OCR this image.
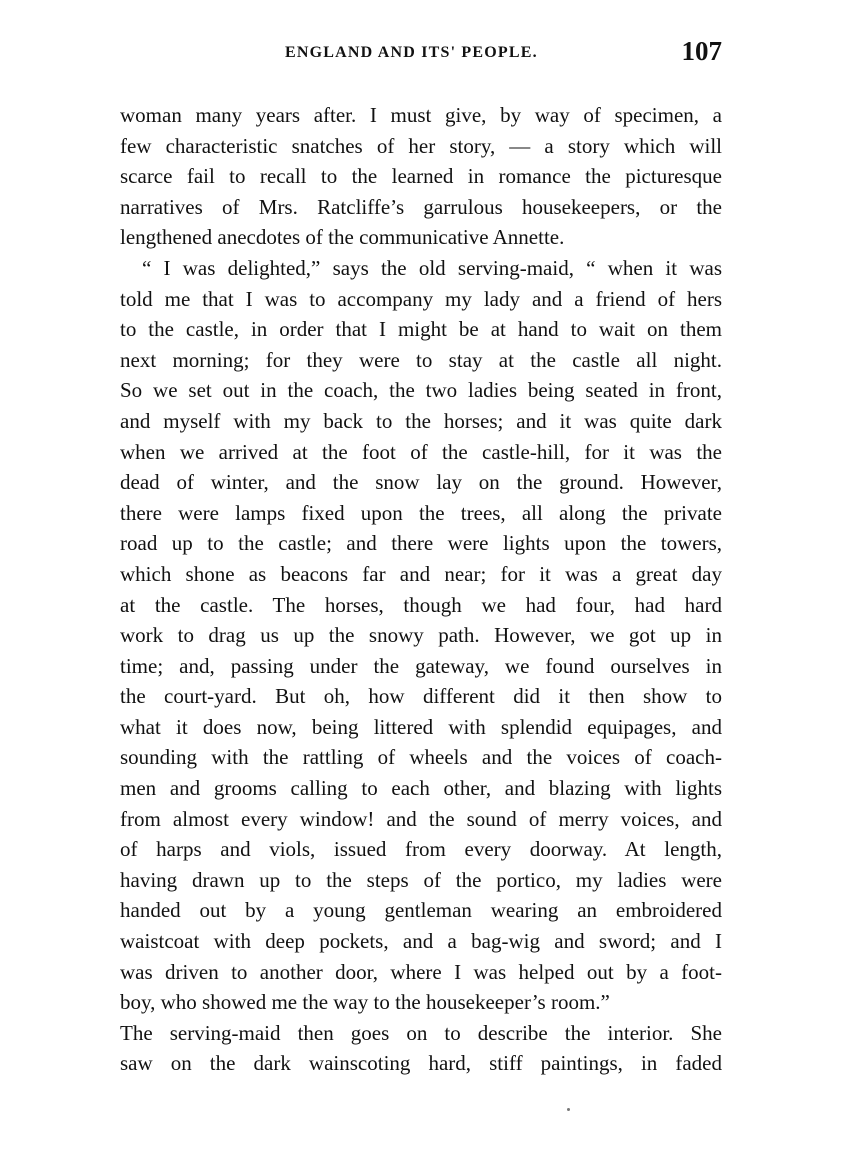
ENGLAND AND ITS' PEOPLE.	107
woman many years after. I must give, by way of specimen, a
few characteristic snatches of her story, — a story which will
scarce fail to recall to the learned in romance the picturesque
narratives of Mrs. Ratcliffe’s garrulous housekeepers, or the
lengthened anecdotes of the communicative Annette.
“ I was delighted,” says the old serving-maid, “ when it was
told me that I was to accompany my lady and a friend of hers
to the castle, in order that I might be at hand to wait on them
next morning; for they were to stay at the castle all night.
So we set out in the coach, the two ladies being seated in front,
and myself with my back to the horses; and it was quite dark
when we arrived at the foot of the castle-hill, for it was the
dead of winter, and the snow lay on the ground. However,
there were lamps fixed upon the trees, all along the private
road up to the castle; and there were lights upon the towers,
which shone as beacons far and near; for it was a great day
at the castle. The horses, though we had four, had hard
work to drag us up the snowy path. However, we got up in
time; and, passing under the gateway, we found ourselves in
the court-yard. But oh, how different did it then show to
what it does now, being littered with splendid equipages, and
sounding with the rattling of wheels and the voices of coach-
men and grooms calling to each other, and blazing with lights
from almost every window! and the sound of merry voices, and
of harps and viols, issued from every doorway. At length,
having drawn up to the steps of the portico, my ladies were
handed out by a young gentleman wearing an embroidered
waistcoat with deep pockets, and a bag-wig and sword; and I
was driven to another door, where I was helped out by a foot-
boy, who showed me the way to the housekeeper’s room.”
The serving-maid then goes on to describe the interior. She
saw on the dark wainscoting hard, stiff paintings, in faded
